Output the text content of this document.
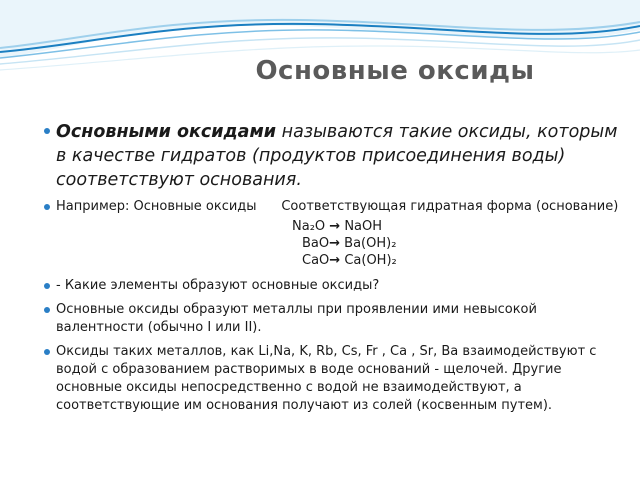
Основные оксиды
Основными оксидами называются такие оксиды, которым в качестве гидратов (продуктов присоединения воды) соответствуют основания.
Например: Основные оксиды      Соответствующая гидратная форма (основание)
Na₂O → NaOH
BaO→ Ba(OH)₂
CaO→ Ca(OH)₂
- Какие элементы образуют основные оксиды?
Основные оксиды образуют металлы при проявлении ими невысокой валентности (обычно I или II).
Оксиды таких металлов, как Li,Na, K, Rb, Cs, Fr , Ca , Sr, Ba взаимодействуют с водой с образованием растворимых в воде оснований - щелочей. Другие основные оксиды непосредственно с водой не взаимодействуют, а соответствующие им основания получают из солей (косвенным путем).
